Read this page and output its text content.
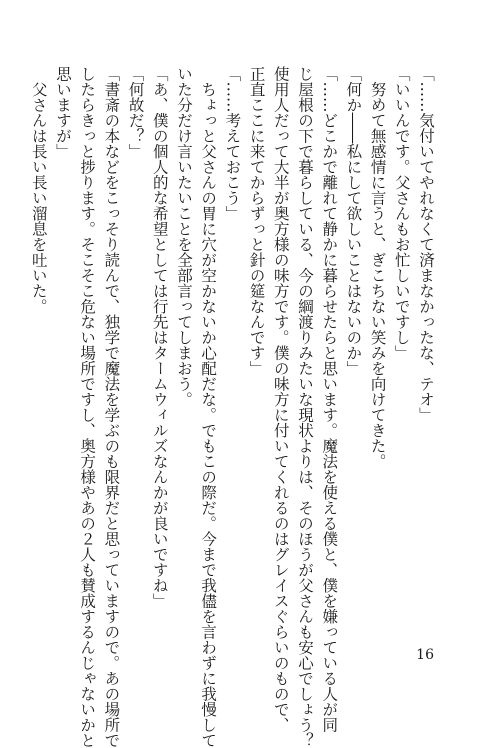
「……気付いてやれなくて済まなかったな、テオ」
「いいんです。父さんもお忙しいですし」
　努めて無感情に言うと、ぎこちない笑みを向けてきた。
「何か――私にして欲しいことはないのか」
「……どこかで離れて静かに暮らせたらと思います。魔法を使える僕と、僕を嫌っている人が同
じ屋根の下で暮らしている、今の綱渡りみたいな現状よりは、そのほうが父さんも安心でしょう？
使用人だって大半が奥方様の味方です。僕の味方に付いてくれるのはグレイスぐらいのもので、
正直ここに来てからずっと針の筵なんです」
「……考えておこう」
　ちょっと父さんの胃に穴が空かないか心配だな。でもこの際だ。今まで我儘を言わずに我慢して
いた分だけ言いたいことを全部言ってしまおう。
「あ、僕の個人的な希望としては行先はタームウィルズなんかが良いですね」
「何故だ？」
「書斎の本などをこっそり読んで、独学で魔法を学ぶのも限界だと思っていますので。あの場所で
したらきっと捗ります。そこそこ危ない場所ですし、奥方様やあの２人も賛成するんじゃないかと
思いますが」
　父さんは長い長い溜息を吐いた。
16
